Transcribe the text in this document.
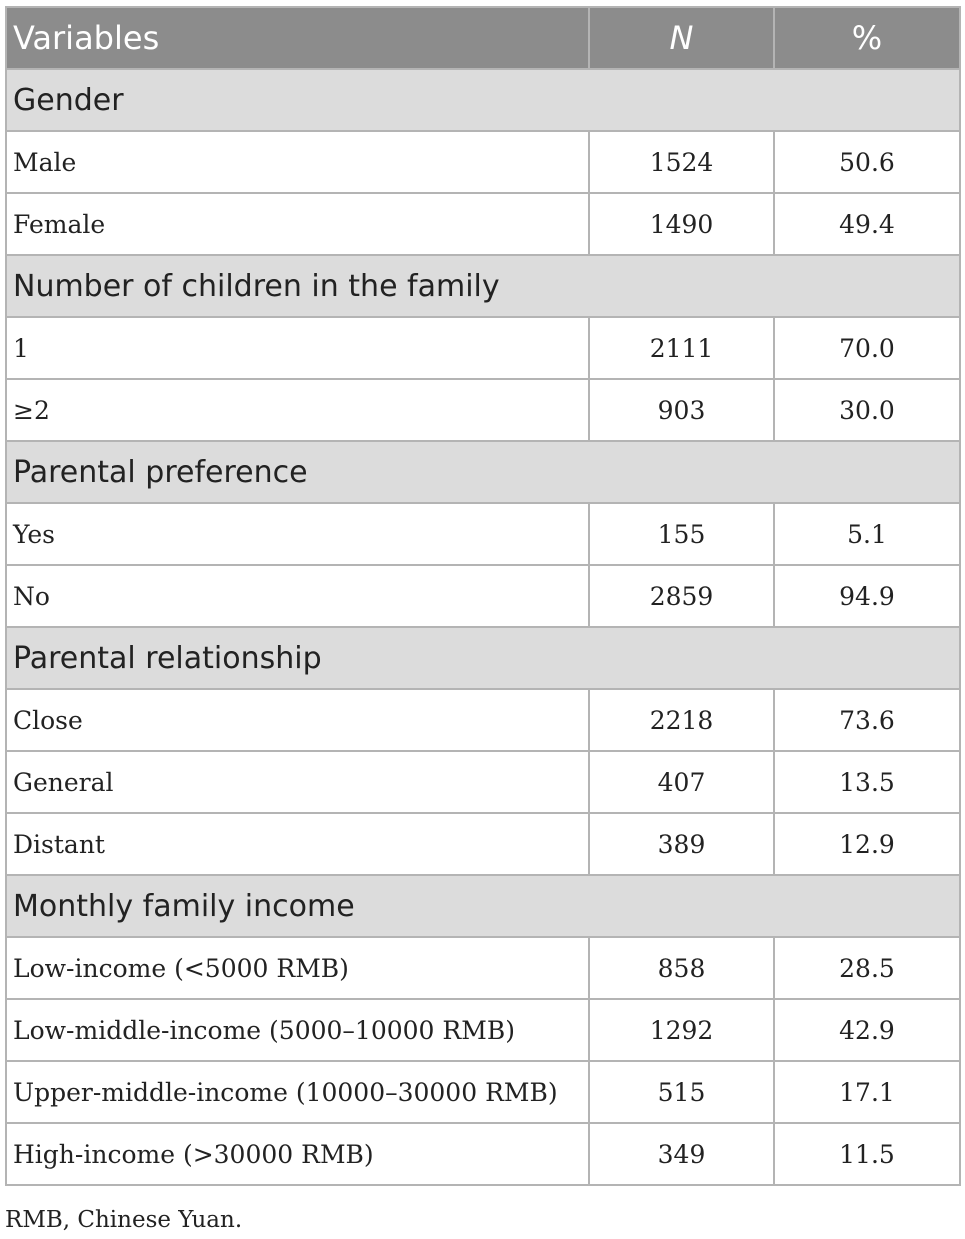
Variables	N	%
Gender		
Male	1524	50.6
Female	1490	49.4
Number of children in the family		
1	2111	70.0
≥2	903	30.0
Parental preference		
Yes	155	5.1
No	2859	94.9
Parental relationship		
Close	2218	73.6
General	407	13.5
Distant	389	12.9
Monthly family income		
Low-income (<5000 RMB)	858	28.5
Low-middle-income (5000–10000 RMB)	1292	42.9
Upper-middle-income (10000–30000 RMB)	515	17.1
High-income (>30000 RMB)	349	11.5
RMB, Chinese Yuan.
